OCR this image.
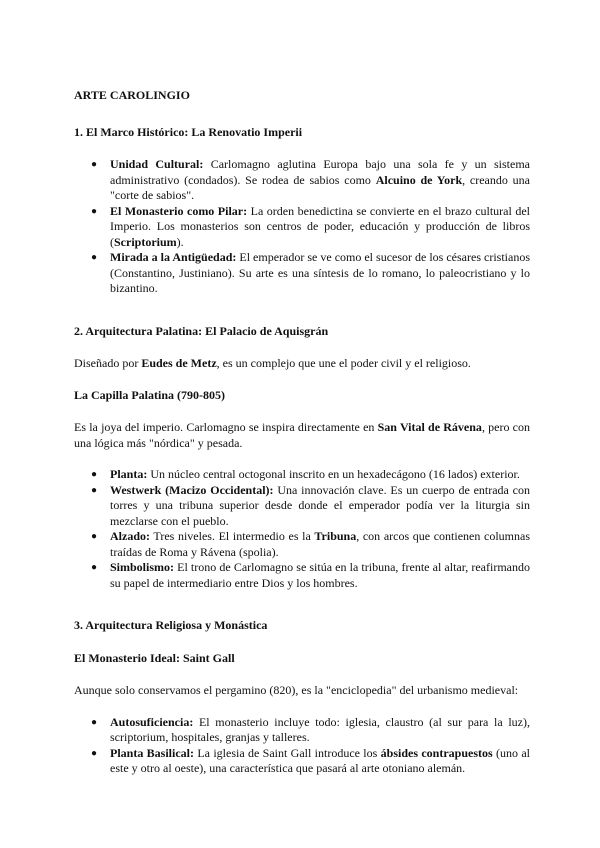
ARTE CAROLINGIO
1. El Marco Histórico: La Renovatio Imperii
● Unidad Cultural: Carlomagno aglutina Europa bajo una sola fe y un sistema administrativo (condados). Se rodea de sabios como Alcuino de York, creando una "corte de sabios".
● El Monasterio como Pilar: La orden benedictina se convierte en el brazo cultural del Imperio. Los monasterios son centros de poder, educación y producción de libros (Scriptorium).
● Mirada a la Antigüedad: El emperador se ve como el sucesor de los césares cristianos (Constantino, Justiniano). Su arte es una síntesis de lo romano, lo paleocristiano y lo bizantino.
2. Arquitectura Palatina: El Palacio de Aquisgrán
Diseñado por Eudes de Metz, es un complejo que une el poder civil y el religioso.
La Capilla Palatina (790-805)
Es la joya del imperio. Carlomagno se inspira directamente en San Vital de Rávena, pero con una lógica más "nórdica" y pesada.
● Planta: Un núcleo central octogonal inscrito en un hexadecágono (16 lados) exterior.
● Westwerk (Macizo Occidental): Una innovación clave. Es un cuerpo de entrada con torres y una tribuna superior desde donde el emperador podía ver la liturgia sin mezclarse con el pueblo.
● Alzado: Tres niveles. El intermedio es la Tribuna, con arcos que contienen columnas traídas de Roma y Rávena (spolia).
● Simbolismo: El trono de Carlomagno se sitúa en la tribuna, frente al altar, reafirmando su papel de intermediario entre Dios y los hombres.
3. Arquitectura Religiosa y Monástica
El Monasterio Ideal: Saint Gall
Aunque solo conservamos el pergamino (820), es la "enciclopedia" del urbanismo medieval:
● Autosuficiencia: El monasterio incluye todo: iglesia, claustro (al sur para la luz), scriptorium, hospitales, granjas y talleres.
● Planta Basilical: La iglesia de Saint Gall introduce los ábsides contrapuestos (uno al este y otro al oeste), una característica que pasará al arte otoniano alemán.
